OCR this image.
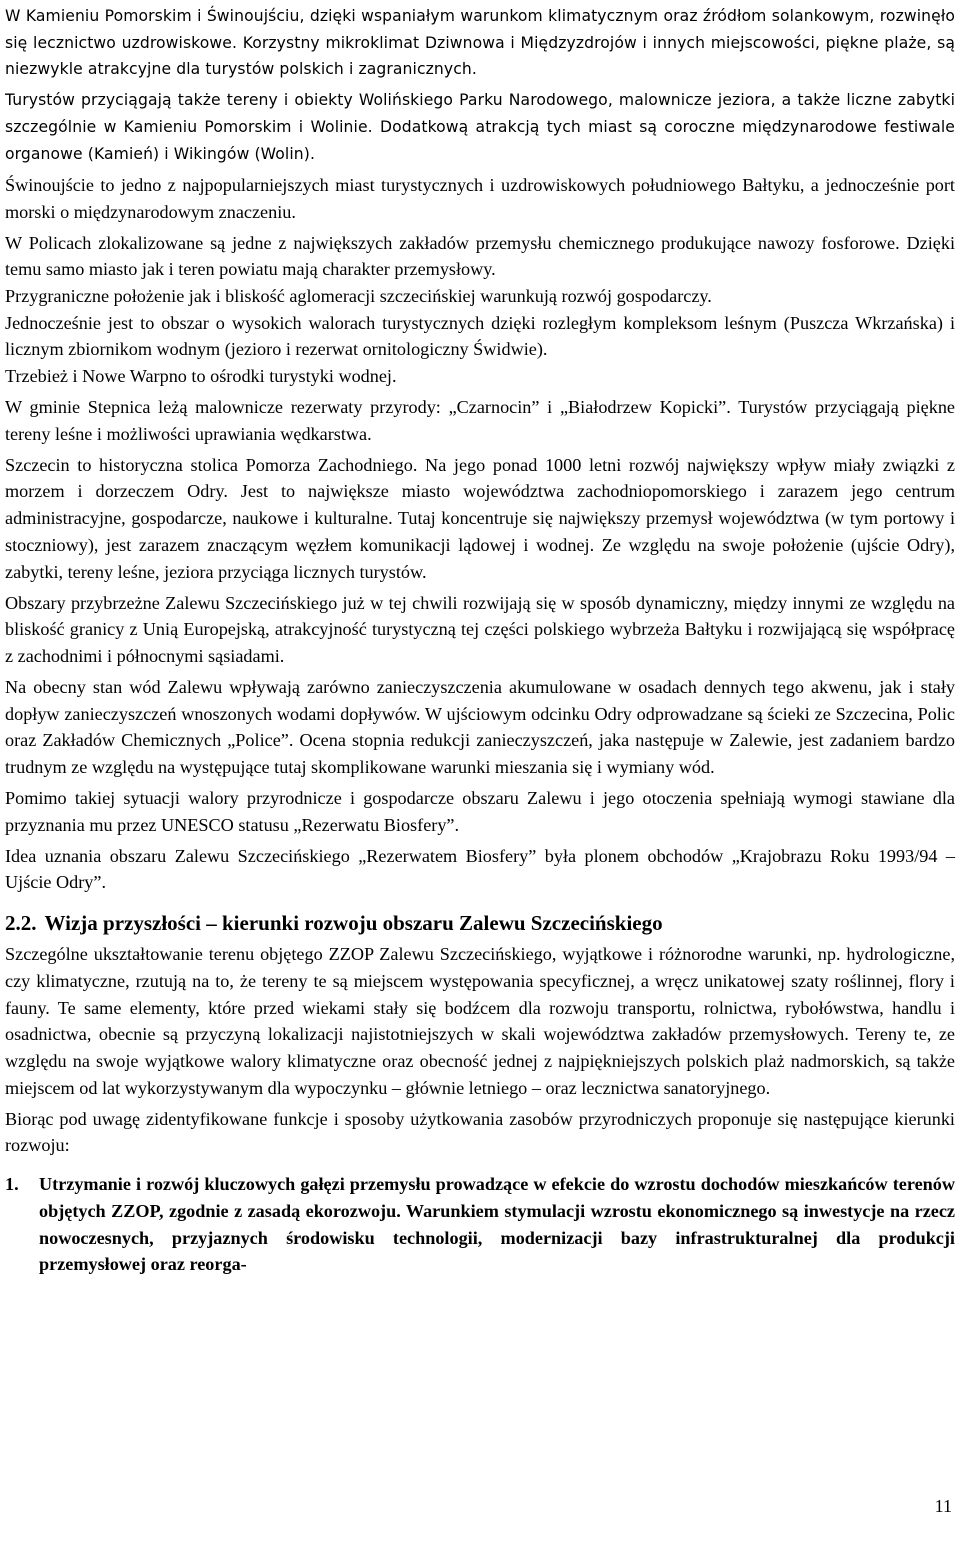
W Kamieniu Pomorskim i Świnoujściu, dzięki wspaniałym warunkom klimatycznym oraz źródłom solankowym, rozwinęło się lecznictwo uzdrowiskowe. Korzystny mikroklimat Dziwnowa i Międzyzdrojów i innych miejscowości, piękne plaże, są niezwykle atrakcyjne dla turystów polskich i zagranicznych.

Turystów przyciągają także tereny i obiekty Wolińskiego Parku Narodowego, malownicze jeziora, a także liczne zabytki szczególnie w Kamieniu Pomorskim i Wolinie. Dodatkową atrakcją tych miast są coroczne międzynarodowe festiwale organowe (Kamień) i Wikingów (Wolin).

Świnoujście to jedno z najpopularniejszych miast turystycznych i uzdrowiskowych południowego Bałtyku, a jednocześnie port morski o międzynarodowym znaczeniu.

W Policach zlokalizowane są jedne z największych zakładów przemysłu chemicznego produkujące nawozy fosforowe. Dzięki temu samo miasto jak i teren powiatu mają charakter przemysłowy.

Przygraniczne położenie jak i bliskość aglomeracji szczecińskiej warunkują rozwój gospodarczy.

Jednocześnie jest to obszar o wysokich walorach turystycznych dzięki rozległym kompleksom leśnym (Puszcza Wkrzańska) i licznym zbiornikom wodnym (jezioro i rezerwat ornitologiczny Świdwie).

Trzebież i Nowe Warpno to ośrodki turystyki wodnej.

W gminie Stepnica leżą malownicze rezerwaty przyrody: „Czarnocin” i „Białodrzew Kopicki”. Turystów przyciągają piękne tereny leśne i możliwości uprawiania wędkarstwa.

Szczecin to historyczna stolica Pomorza Zachodniego. Na jego ponad 1000 letni rozwój największy wpływ miały związki z morzem i dorzeczem Odry. Jest to największe miasto województwa zachodniopomorskiego i zarazem jego centrum administracyjne, gospodarcze, naukowe i kulturalne. Tutaj koncentruje się największy przemysł województwa (w tym portowy i stoczniowy), jest zarazem znaczącym węzłem komunikacji lądowej i wodnej. Ze względu na swoje położenie (ujście Odry), zabytki, tereny leśne, jeziora przyciąga licznych turystów.

Obszary przybrzeżne Zalewu Szczecińskiego już w tej chwili rozwijają się w sposób dynamiczny, między innymi ze względu na bliskość granicy z Unią Europejską, atrakcyjność turystyczną tej części polskiego wybrzeża Bałtyku i rozwijającą się współpracę z zachodnimi i północnymi sąsiadami.

Na obecny stan wód Zalewu wpływają zarówno zanieczyszczenia akumulowane w osadach dennych tego akwenu, jak i stały dopływ zanieczyszczeń wnoszonych wodami dopływów. W ujściowym odcinku Odry odprowadzane są ścieki ze Szczecina, Polic oraz Zakładów Chemicznych „Police”. Ocena stopnia redukcji zanieczyszczeń, jaka następuje w Zalewie, jest zadaniem bardzo trudnym ze względu na występujące tutaj skomplikowane warunki mieszania się i wymiany wód.

Pomimo takiej sytuacji walory przyrodnicze i gospodarcze obszaru Zalewu i jego otoczenia spełniają wymogi stawiane dla przyznania mu przez UNESCO statusu „Rezerwatu Biosfery”.

Idea uznania obszaru Zalewu Szczecińskiego „Rezerwatem Biosfery” była plonem obchodów „Krajobrazu Roku 1993/94 – Ujście Odry”.

2.2. Wizja przyszłości – kierunki rozwoju obszaru Zalewu Szczecińskiego

Szczególne ukształtowanie terenu objętego ZZOP Zalewu Szczecińskiego, wyjątkowe i różnorodne warunki, np. hydrologiczne, czy klimatyczne, rzutują na to, że tereny te są miejscem występowania specyficznej, a wręcz unikatowej szaty roślinnej, flory i fauny. Te same elementy, które przed wiekami stały się bodźcem dla rozwoju transportu, rolnictwa, rybołówstwa, handlu i osadnictwa, obecnie są przyczyną lokalizacji najistotniejszych w skali województwa zakładów przemysłowych. Tereny te, ze względu na swoje wyjątkowe walory klimatyczne oraz obecność jednej z najpiękniejszych polskich plaż nadmorskich, są także miejscem od lat wykorzystywanym dla wypoczynku – głównie letniego – oraz lecznictwa sanatoryjnego.

Biorąc pod uwagę zidentyfikowane funkcje i sposoby użytkowania zasobów przyrodniczych proponuje się następujące kierunki rozwoju:

1.	Utrzymanie i rozwój kluczowych gałęzi przemysłu prowadzące w efekcie do wzrostu dochodów mieszkańców terenów objętych ZZOP, zgodnie z zasadą ekorozwoju. Warunkiem stymulacji wzrostu ekonomicznego są inwestycje na rzecz nowoczesnych, przyjaznych środowisku technologii, modernizacji bazy infrastrukturalnej dla produkcji przemysłowej oraz reorga-
11
